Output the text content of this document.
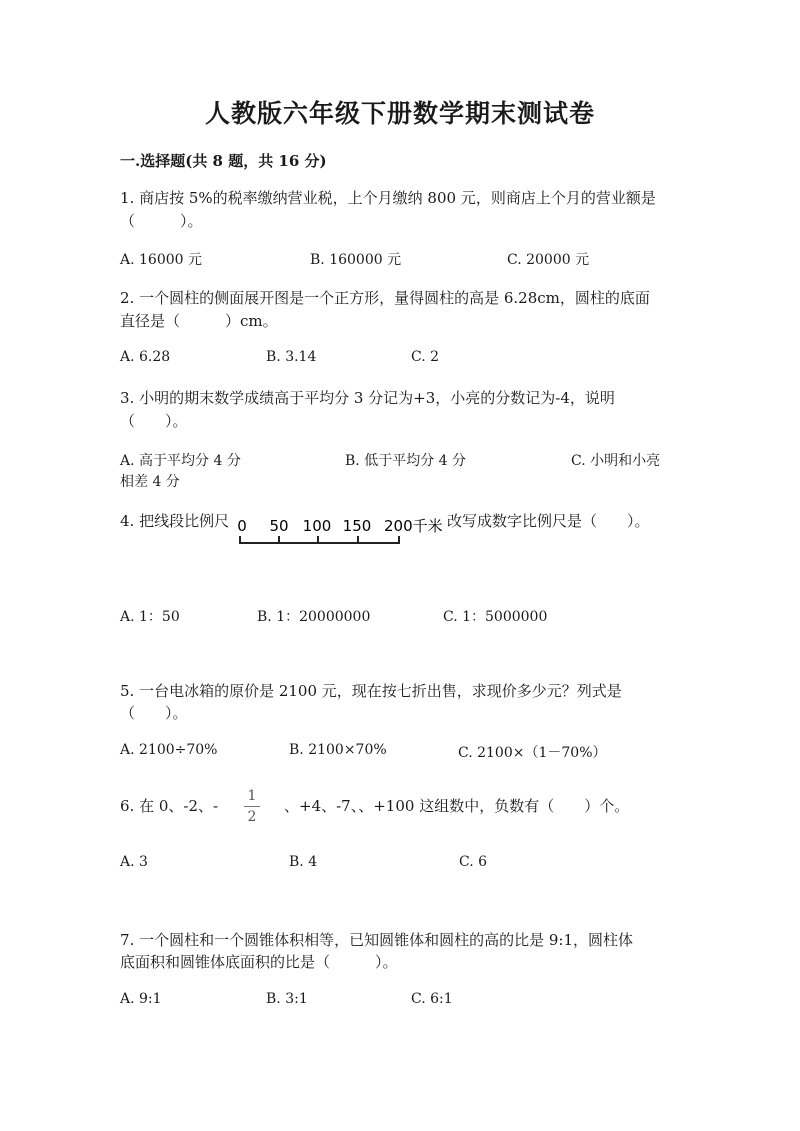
人教版六年级下册数学期末测试卷
一.选择题(共 8 题，共 16 分)
1. 商店按 5%的税率缴纳营业税，上个月缴纳 800 元，则商店上个月的营业额是
（　　　）。
A. 16000 元	B. 160000 元	C. 20000 元
2. 一个圆柱的侧面展开图是一个正方形，量得圆柱的高是 6.28cm，圆柱的底面
直径是（　　　）cm。
A. 6.28	B. 3.14	C. 2
3. 小明的期末数学成绩高于平均分 3 分记为+3，小亮的分数记为-4，说明
（　　）。
A. 高于平均分 4 分	B. 低于平均分 4 分	C. 小明和小亮
相差 4 分
4. 把线段比例尺 0 50 100 150 200千米 改写成数字比例尺是（　　）。
A. 1：50	B. 1：20000000	C. 1：5000000
5. 一台电冰箱的原价是 2100 元，现在按七折出售，求现价多少元？列式是
（　　）。
A. 2100÷70%	B. 2100×70%	C. 2100×（1－70%）
6. 在 0、-2、-
1
2
、+4、-7、、+100 这组数中，负数有（　　）个。
A. 3	B. 4	C. 6
7. 一个圆柱和一个圆锥体积相等，已知圆锥体和圆柱的高的比是 9:1，圆柱体
底面积和圆锥体底面积的比是（　　　）。
A. 9:1	B. 3:1	C. 6:1
